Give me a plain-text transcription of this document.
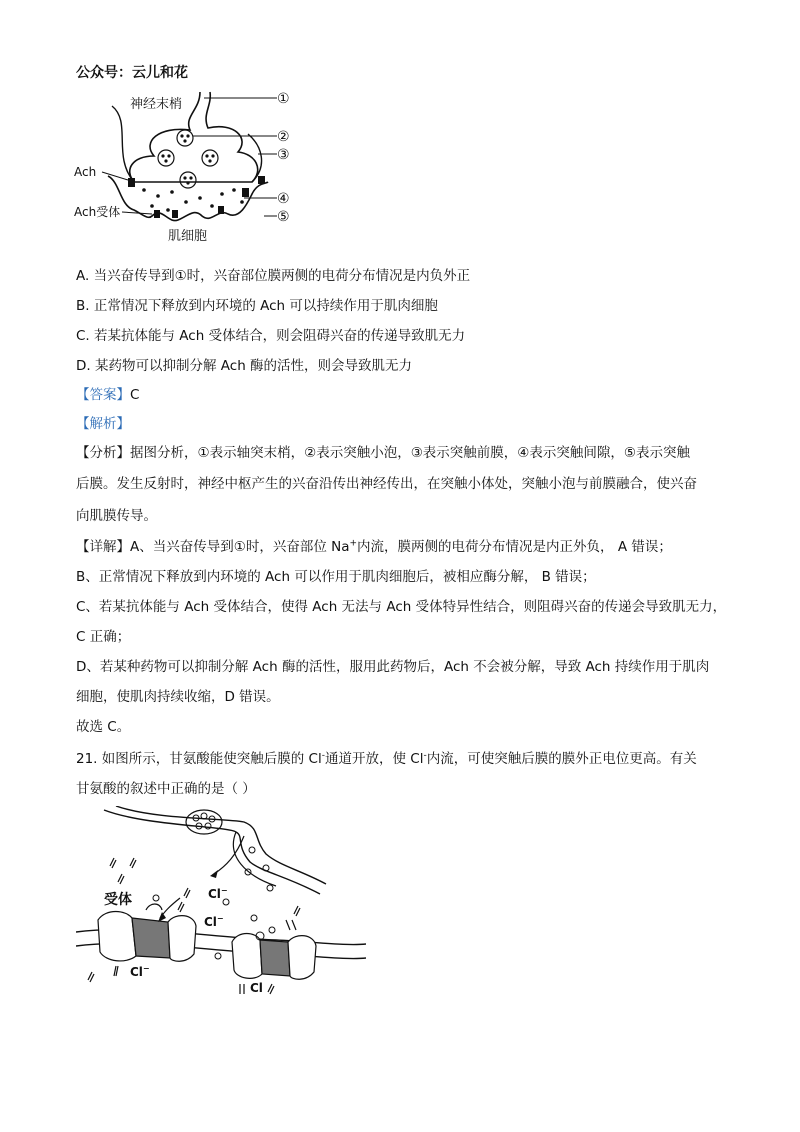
公众号：云儿和花
神经末梢
Ach
Ach受体
肌细胞
①
②
③
④
⑤
A. 当兴奋传导到①时，兴奋部位膜两侧的电荷分布情况是内负外正
B. 正常情况下释放到内环境的 Ach 可以持续作用于肌肉细胞
C. 若某抗体能与 Ach 受体结合，则会阻碍兴奋的传递导致肌无力
D. 某药物可以抑制分解 Ach 酶的活性，则会导致肌无力
【答案】C
【解析】
【分析】据图分析，①表示轴突末梢，②表示突触小泡，③表示突触前膜，④表示突触间隙，⑤表示突触
后膜。发生反射时，神经中枢产生的兴奋沿传出神经传出，在突触小体处，突触小泡与前膜融合，使兴奋
向肌膜传导。
【详解】A、当兴奋传导到①时，兴奋部位 Na+内流，膜两侧的电荷分布情况是内正外负， A 错误；
B、正常情况下释放到内环境的 Ach 可以作用于肌肉细胞后，被相应酶分解， B 错误；
C、若某抗体能与 Ach 受体结合，使得 Ach 无法与 Ach 受体特异性结合，则阻碍兴奋的传递会导致肌无力，
C 正确；
D、若某种药物可以抑制分解 Ach 酶的活性，服用此药物后，Ach 不会被分解，导致 Ach 持续作用于肌肉
细胞，使肌肉持续收缩，D 错误。
故选 C。
21. 如图所示，甘氨酸能使突触后膜的 Cl-通道开放，使 Cl-内流，可使突触后膜的膜外正电位更高。有关
甘氨酸的叙述中正确的是（ ）
Cl−
Cl−
Cl−
Cl
受体
